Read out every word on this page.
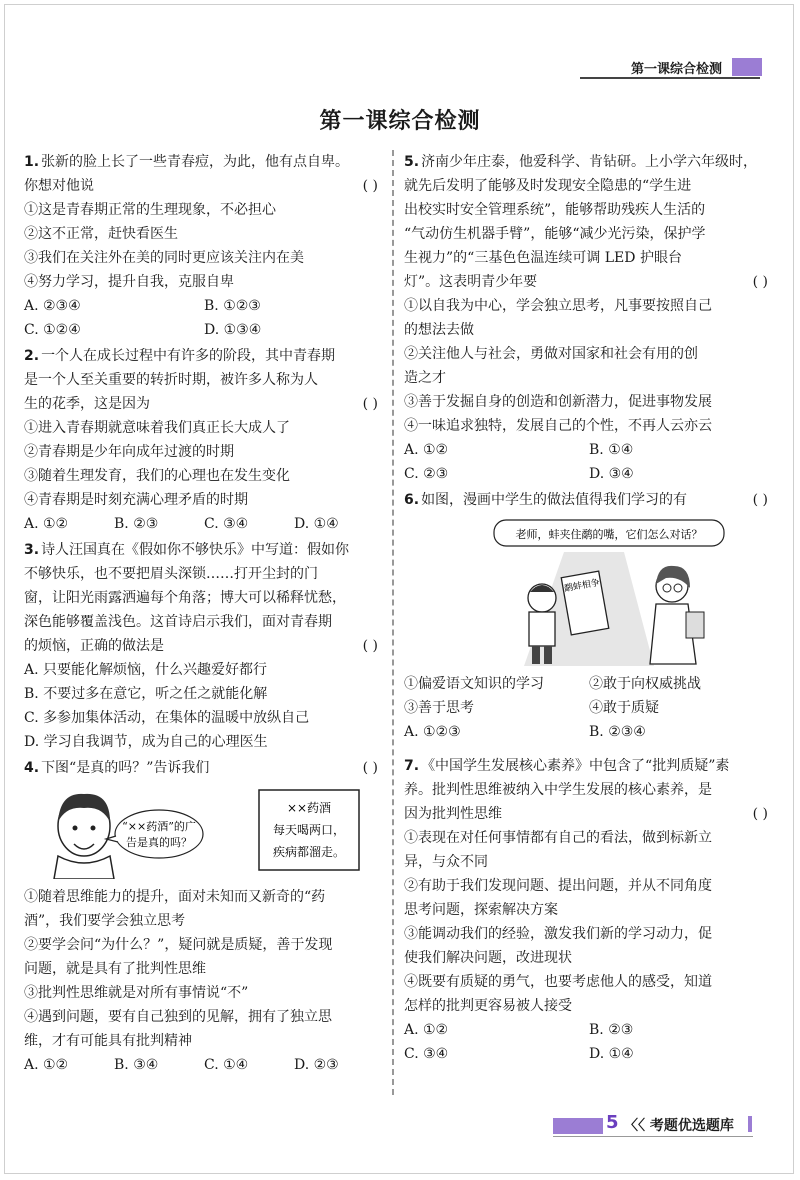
第一课综合检测
第一课综合检测
1. 张新的脸上长了一些青春痘，为此，他有点自卑。
你想对他说	( )
①这是青春期正常的生理现象，不必担心
②这不正常，赶快看医生
③我们在关注外在美的同时更应该关注内在美
④努力学习，提升自我，克服自卑
A. ②③④	B. ①②③
C. ①②④	D. ①③④
2. 一个人在成长过程中有许多的阶段，其中青春期
是一个人至关重要的转折时期，被许多人称为人
生的花季，这是因为	( )
①进入青春期就意味着我们真正长大成人了
②青春期是少年向成年过渡的时期
③随着生理发育，我们的心理也在发生变化
④青春期是时刻充满心理矛盾的时期
A. ①②	B. ②③	C. ③④	D. ①④
3. 诗人汪国真在《假如你不够快乐》中写道：假如你
不够快乐，也不要把眉头深锁……打开尘封的门
窗，让阳光雨露洒遍每个角落；博大可以稀释忧愁，
深色能够覆盖浅色。这首诗启示我们，面对青春期
的烦恼，正确的做法是	( )
A. 只要能化解烦恼，什么兴趣爱好都行
B. 不要过多在意它，听之任之就能化解
C. 多参加集体活动，在集体的温暖中放纵自己
D. 学习自我调节，成为自己的心理医生
4. 下图“是真的吗？”告诉我们	( )
“××药酒”的广
告是真的吗？
××药酒
每天喝两口，
疾病都溜走。
①随着思维能力的提升，面对未知而又新奇的“药
酒”，我们要学会独立思考
②要学会问“为什么？”，疑问就是质疑，善于发现
问题，就是具有了批判性思维
③批判性思维就是对所有事情说“不”
④遇到问题，要有自己独到的见解，拥有了独立思
维，才有可能具有批判精神
A. ①②	B. ③④	C. ①④	D. ②③
5. 济南少年庄泰，他爱科学、肯钻研。上小学六年级时，
就先后发明了能够及时发现安全隐患的“学生进
出校实时安全管理系统”，能够帮助残疾人生活的
“气动仿生机器手臂”，能够“减少光污染，保护学
生视力”的“三基色色温连续可调 LED 护眼台
灯”。这表明青少年要	( )
①以自我为中心，学会独立思考，凡事要按照自己
的想法去做
②关注他人与社会，勇做对国家和社会有用的创
造之才
③善于发掘自身的创造和创新潜力，促进事物发展
④一味追求独特，发展自己的个性，不再人云亦云
A. ①②	B. ①④
C. ②③	D. ③④
6. 如图，漫画中学生的做法值得我们学习的有	( )
老师，蚌夹住鹬的嘴，它们怎么对话？
鹬蚌相争
①偏爱语文知识的学习	②敢于向权威挑战
③善于思考	④敢于质疑
A. ①②③	B. ②③④
7. 《中国学生发展核心素养》中包含了“批判质疑”素
养。批判性思维被纳入中学生发展的核心素养，是
因为批判性思维	( )
①表现在对任何事情都有自己的看法，做到标新立
异，与众不同
②有助于我们发现问题、提出问题，并从不同角度
思考问题，探索解决方案
③能调动我们的经验，激发我们新的学习动力，促
使我们解决问题，改进现状
④既要有质疑的勇气，也要考虑他人的感受，知道
怎样的批判更容易被人接受
A. ①②	B. ②③
C. ③④	D. ①④
5 〈〈 考题优选题库
